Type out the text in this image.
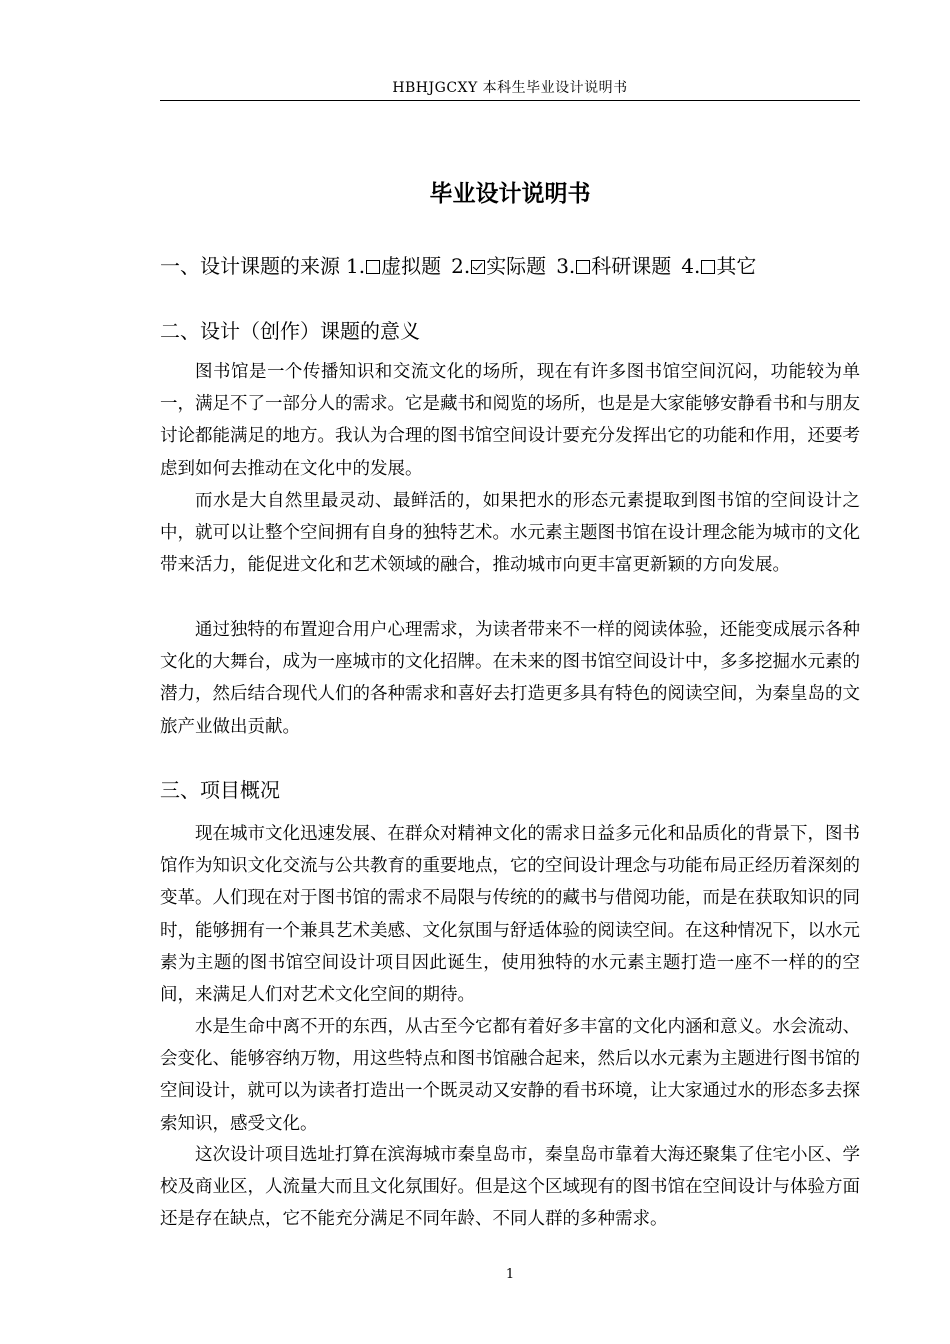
HBHJGCXY 本科生毕业设计说明书
毕业设计说明书
一、设计课题的来源 1. 虚拟题 2. 实际题 3. 科研课题 4. 其它
二、设计（创作）课题的意义

图书馆是一个传播知识和交流文化的场所，现在有许多图书馆空间沉闷，功能较为单一，满足不了一部分人的需求。它是藏书和阅览的场所，也是是大家能够安静看书和与朋友讨论都能满足的地方。我认为合理的图书馆空间设计要充分发挥出它的功能和作用，还要考虑到如何去推动在文化中的发展。

而水是大自然里最灵动、最鲜活的，如果把水的形态元素提取到图书馆的空间设计之中，就可以让整个空间拥有自身的独特艺术。水元素主题图书馆在设计理念能为城市的文化带来活力，能促进文化和艺术领域的融合，推动城市向更丰富更新颖的方向发展。

通过独特的布置迎合用户心理需求，为读者带来不一样的阅读体验，还能变成展示各种文化的大舞台，成为一座城市的文化招牌。在未来的图书馆空间设计中，多多挖掘水元素的潜力，然后结合现代人们的各种需求和喜好去打造更多具有特色的阅读空间，为秦皇岛的文旅产业做出贡献。

三、项目概况

现在城市文化迅速发展、在群众对精神文化的需求日益多元化和品质化的背景下，图书馆作为知识文化交流与公共教育的重要地点，它的空间设计理念与功能布局正经历着深刻的变革。人们现在对于图书馆的需求不局限与传统的的藏书与借阅功能，而是在获取知识的同时，能够拥有一个兼具艺术美感、文化氛围与舒适体验的阅读空间。在这种情况下，以水元素为主题的图书馆空间设计项目因此诞生，使用独特的水元素主题打造一座不一样的的空间，来满足人们对艺术文化空间的期待。

水是生命中离不开的东西，从古至今它都有着好多丰富的文化内涵和意义。水会流动、会变化、能够容纳万物，用这些特点和图书馆融合起来，然后以水元素为主题进行图书馆的空间设计，就可以为读者打造出一个既灵动又安静的看书环境，让大家通过水的形态多去探索知识，感受文化。

这次设计项目选址打算在滨海城市秦皇岛市，秦皇岛市靠着大海还聚集了住宅小区、学校及商业区，人流量大而且文化氛围好。但是这个区域现有的图书馆在空间设计与体验方面还是存在缺点，它不能充分满足不同年龄、不同人群的多种需求。

1
